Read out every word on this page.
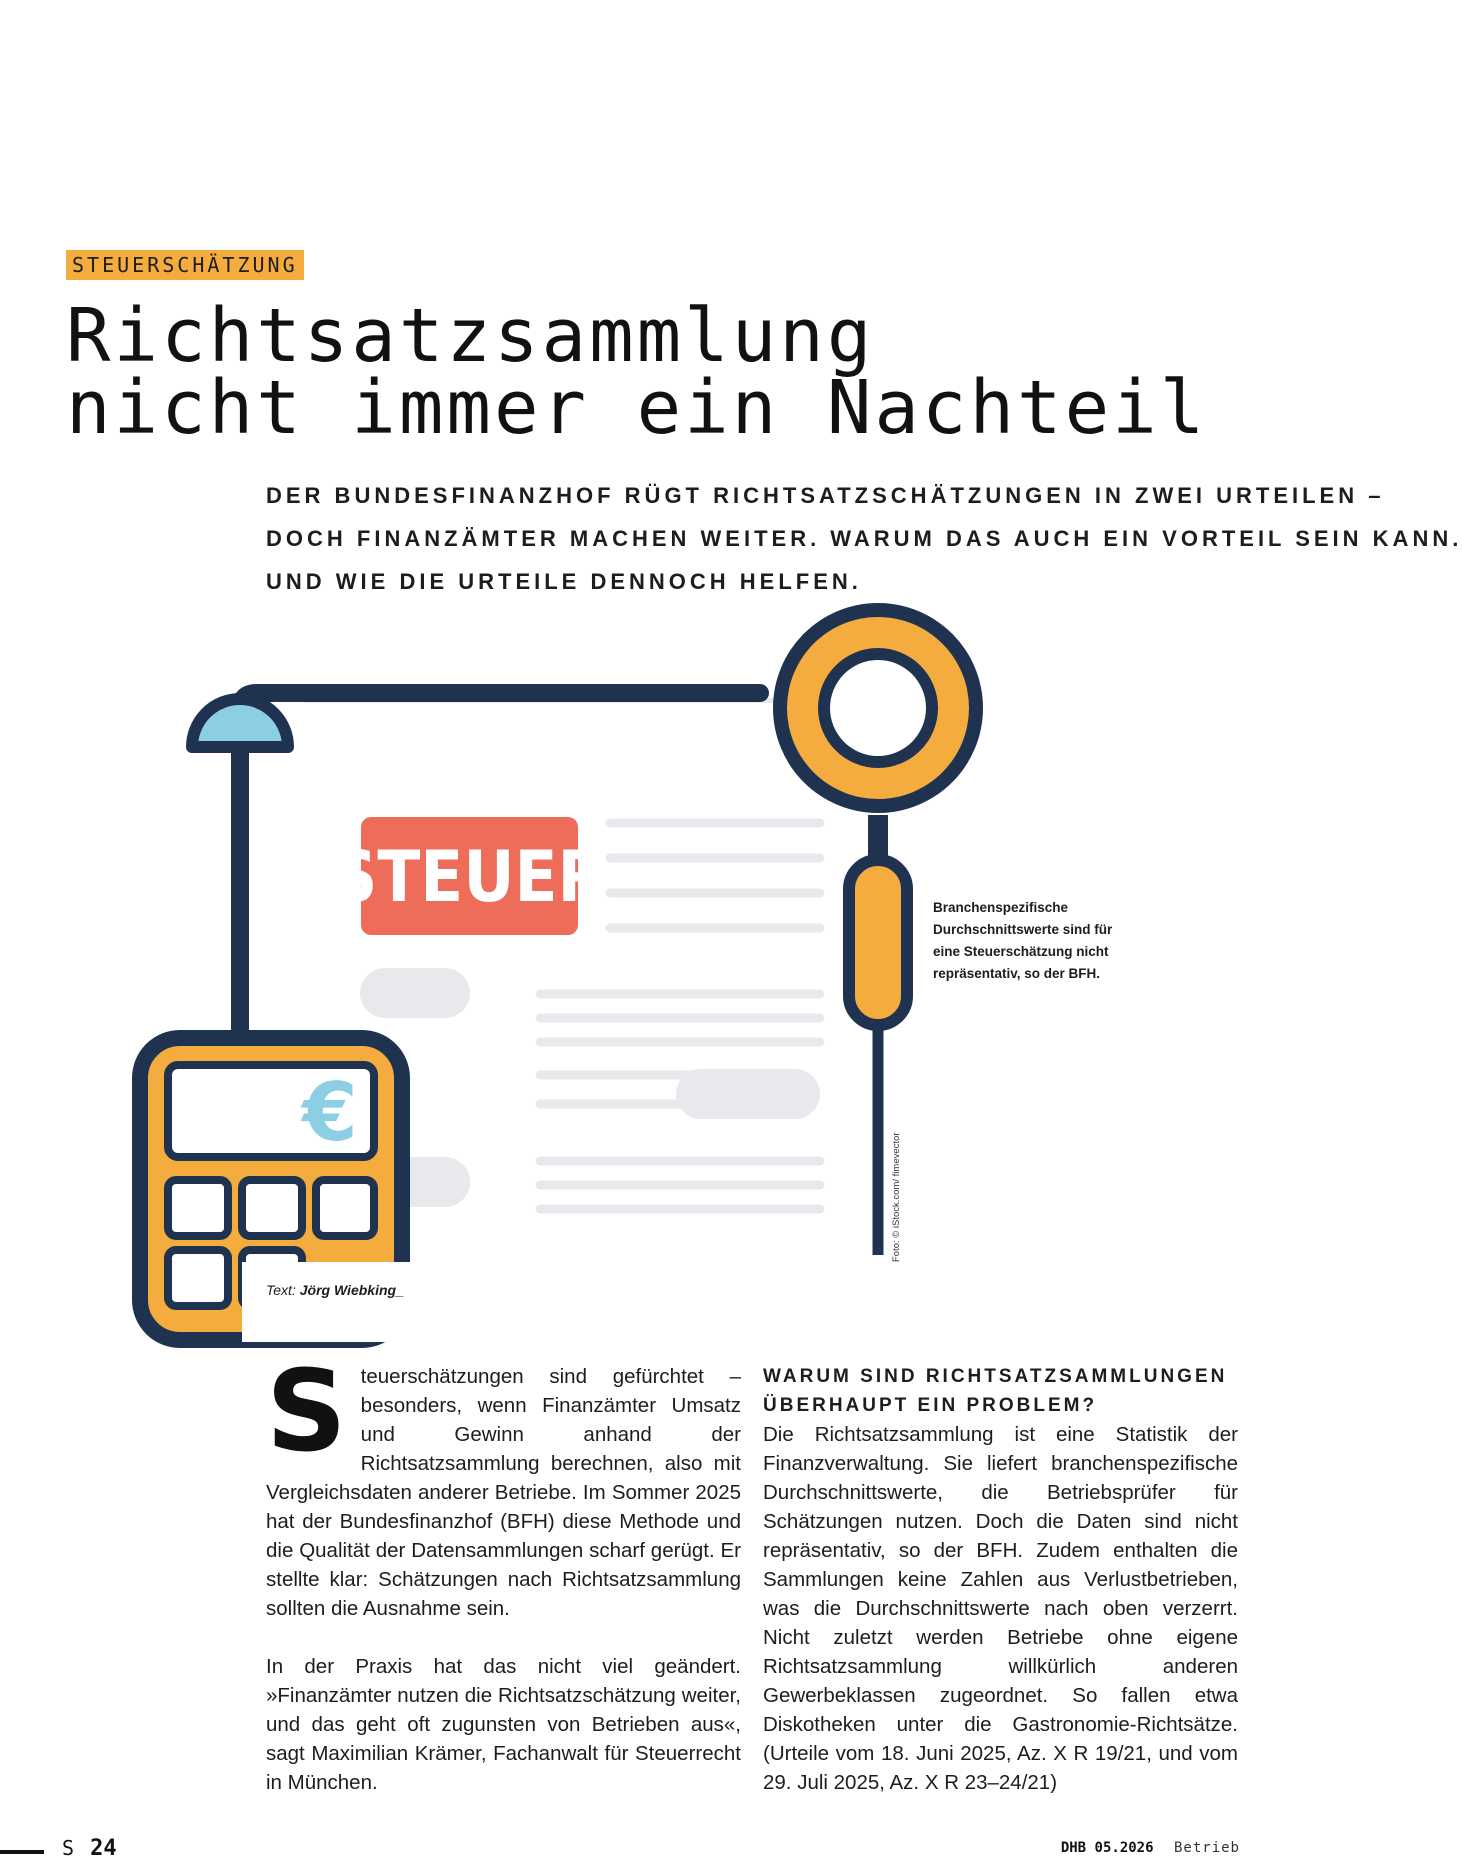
STEUERSCHÄTZUNG
Richtsatzsammlung
nicht immer ein Nachteil

DER BUNDESFINANZHOF RÜGT RICHTSATZSCHÄTZUNGEN IN ZWEI URTEILEN –
DOCH FINANZÄMTER MACHEN WEITER. WARUM DAS AUCH EIN VORTEIL SEIN KANN.
UND WIE DIE URTEILE DENNOCH HELFEN.

STEUER
€

Branchenspezifische Durchschnittswerte sind für eine Steuerschätzung nicht repräsentativ, so der BFH.

Foto: © iStock.com/ fimevector
Text: Jörg Wiebking_

Steuerschätzungen sind gefürchtet – besonders, wenn Finanzämter Umsatz und Gewinn anhand der Richtsatzsammlung berechnen, also mit Vergleichsdaten anderer Betriebe. Im Sommer 2025 hat der Bundesfinanzhof (BFH) diese Methode und die Qualität der Datensammlungen scharf gerügt. Er stellte klar: Schätzungen nach Richtsatzsammlung sollten die Ausnahme sein.

In der Praxis hat das nicht viel geändert. »Finanzämter nutzen die Richtsatzschätzung weiter, und das geht oft zugunsten von Betrieben aus«, sagt Maximilian Krämer, Fachanwalt für Steuerrecht in München.

WARUM SIND RICHTSATZSAMMLUNGEN ÜBERHAUPT EIN PROBLEM?

Die Richtsatzsammlung ist eine Statistik der Finanzverwaltung. Sie liefert branchenspezifische Durchschnittswerte, die Betriebsprüfer für Schätzungen nutzen. Doch die Daten sind nicht repräsentativ, so der BFH. Zudem enthalten die Sammlungen keine Zahlen aus Verlustbetrieben, was die Durchschnittswerte nach oben verzerrt. Nicht zuletzt werden Betriebe ohne eigene Richtsatzsammlung willkürlich anderen Gewerbeklassen zugeordnet. So fallen etwa Diskotheken unter die Gastronomie-Richtsätze. (Urteile vom 18. Juni 2025, Az. X R 19/21, und vom 29. Juli 2025, Az. X R 23–24/21)

S 24	DHB 05.2026 Betrieb
